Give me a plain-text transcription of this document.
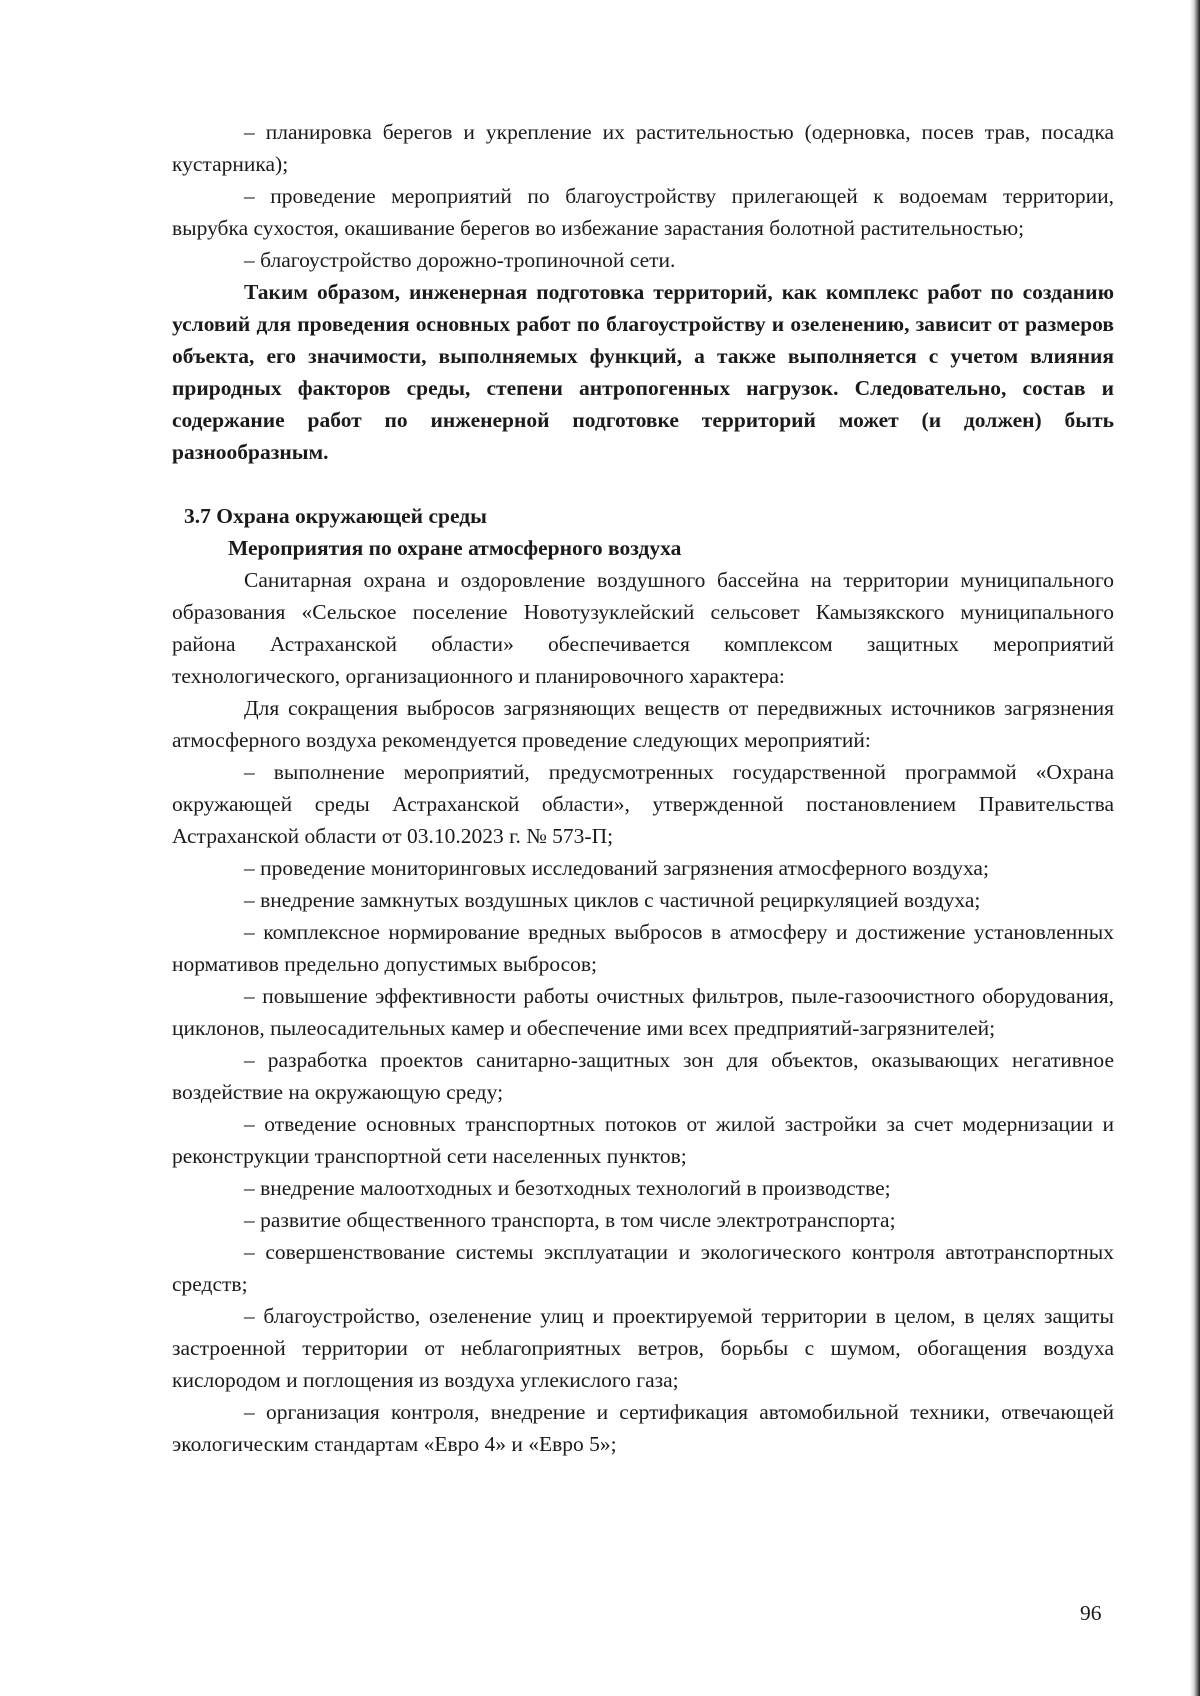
– планировка берегов и укрепление их растительностью (одерновка, посев трав, посадка кустарника);

– проведение мероприятий по благоустройству прилегающей к водоемам территории, вырубка сухостоя, окашивание берегов во избежание зарастания болотной растительностью;

– благоустройство дорожно-тропиночной сети.

Таким образом, инженерная подготовка территорий, как комплекс работ по созданию условий для проведения основных работ по благоустройству и озеленению, зависит от размеров объекта, его значимости, выполняемых функций, а также выполняется с учетом влияния природных факторов среды, степени антропогенных нагрузок. Следовательно, состав и содержание работ по инженерной подготовке территорий может (и должен) быть разнообразным.

3.7 Охрана окружающей среды

Мероприятия по охране атмосферного воздуха

Санитарная охрана и оздоровление воздушного бассейна на территории муниципального образования «Сельское поселение Новотузуклейский сельсовет Камызякского муниципального района Астраханской области» обеспечивается комплексом защитных мероприятий технологического, организационного и планировочного характера:

Для сокращения выбросов загрязняющих веществ от передвижных источников загрязнения атмосферного воздуха рекомендуется проведение следующих мероприятий:

– выполнение мероприятий, предусмотренных государственной программой «Охрана окружающей среды Астраханской области», утвержденной постановлением Правительства Астраханской области от 03.10.2023 г. № 573-П;

– проведение мониторинговых исследований загрязнения атмосферного воздуха;

– внедрение замкнутых воздушных циклов с частичной рециркуляцией воздуха;

– комплексное нормирование вредных выбросов в атмосферу и достижение установленных нормативов предельно допустимых выбросов;

– повышение эффективности работы очистных фильтров, пыле-газоочистного оборудования, циклонов, пылеосадительных камер и обеспечение ими всех предприятий-загрязнителей;

– разработка проектов санитарно-защитных зон для объектов, оказывающих негативное воздействие на окружающую среду;

– отведение основных транспортных потоков от жилой застройки за счет модернизации и реконструкции транспортной сети населенных пунктов;

– внедрение малоотходных и безотходных технологий в производстве;

– развитие общественного транспорта, в том числе электротранспорта;

– совершенствование системы эксплуатации и экологического контроля автотранспортных средств;

– благоустройство, озеленение улиц и проектируемой территории в целом, в целях защиты застроенной территории от неблагоприятных ветров, борьбы с шумом, обогащения воздуха кислородом и поглощения из воздуха углекислого газа;

– организация контроля, внедрение и сертификация автомобильной техники, отвечающей экологическим стандартам «Евро 4» и «Евро 5»;

96
